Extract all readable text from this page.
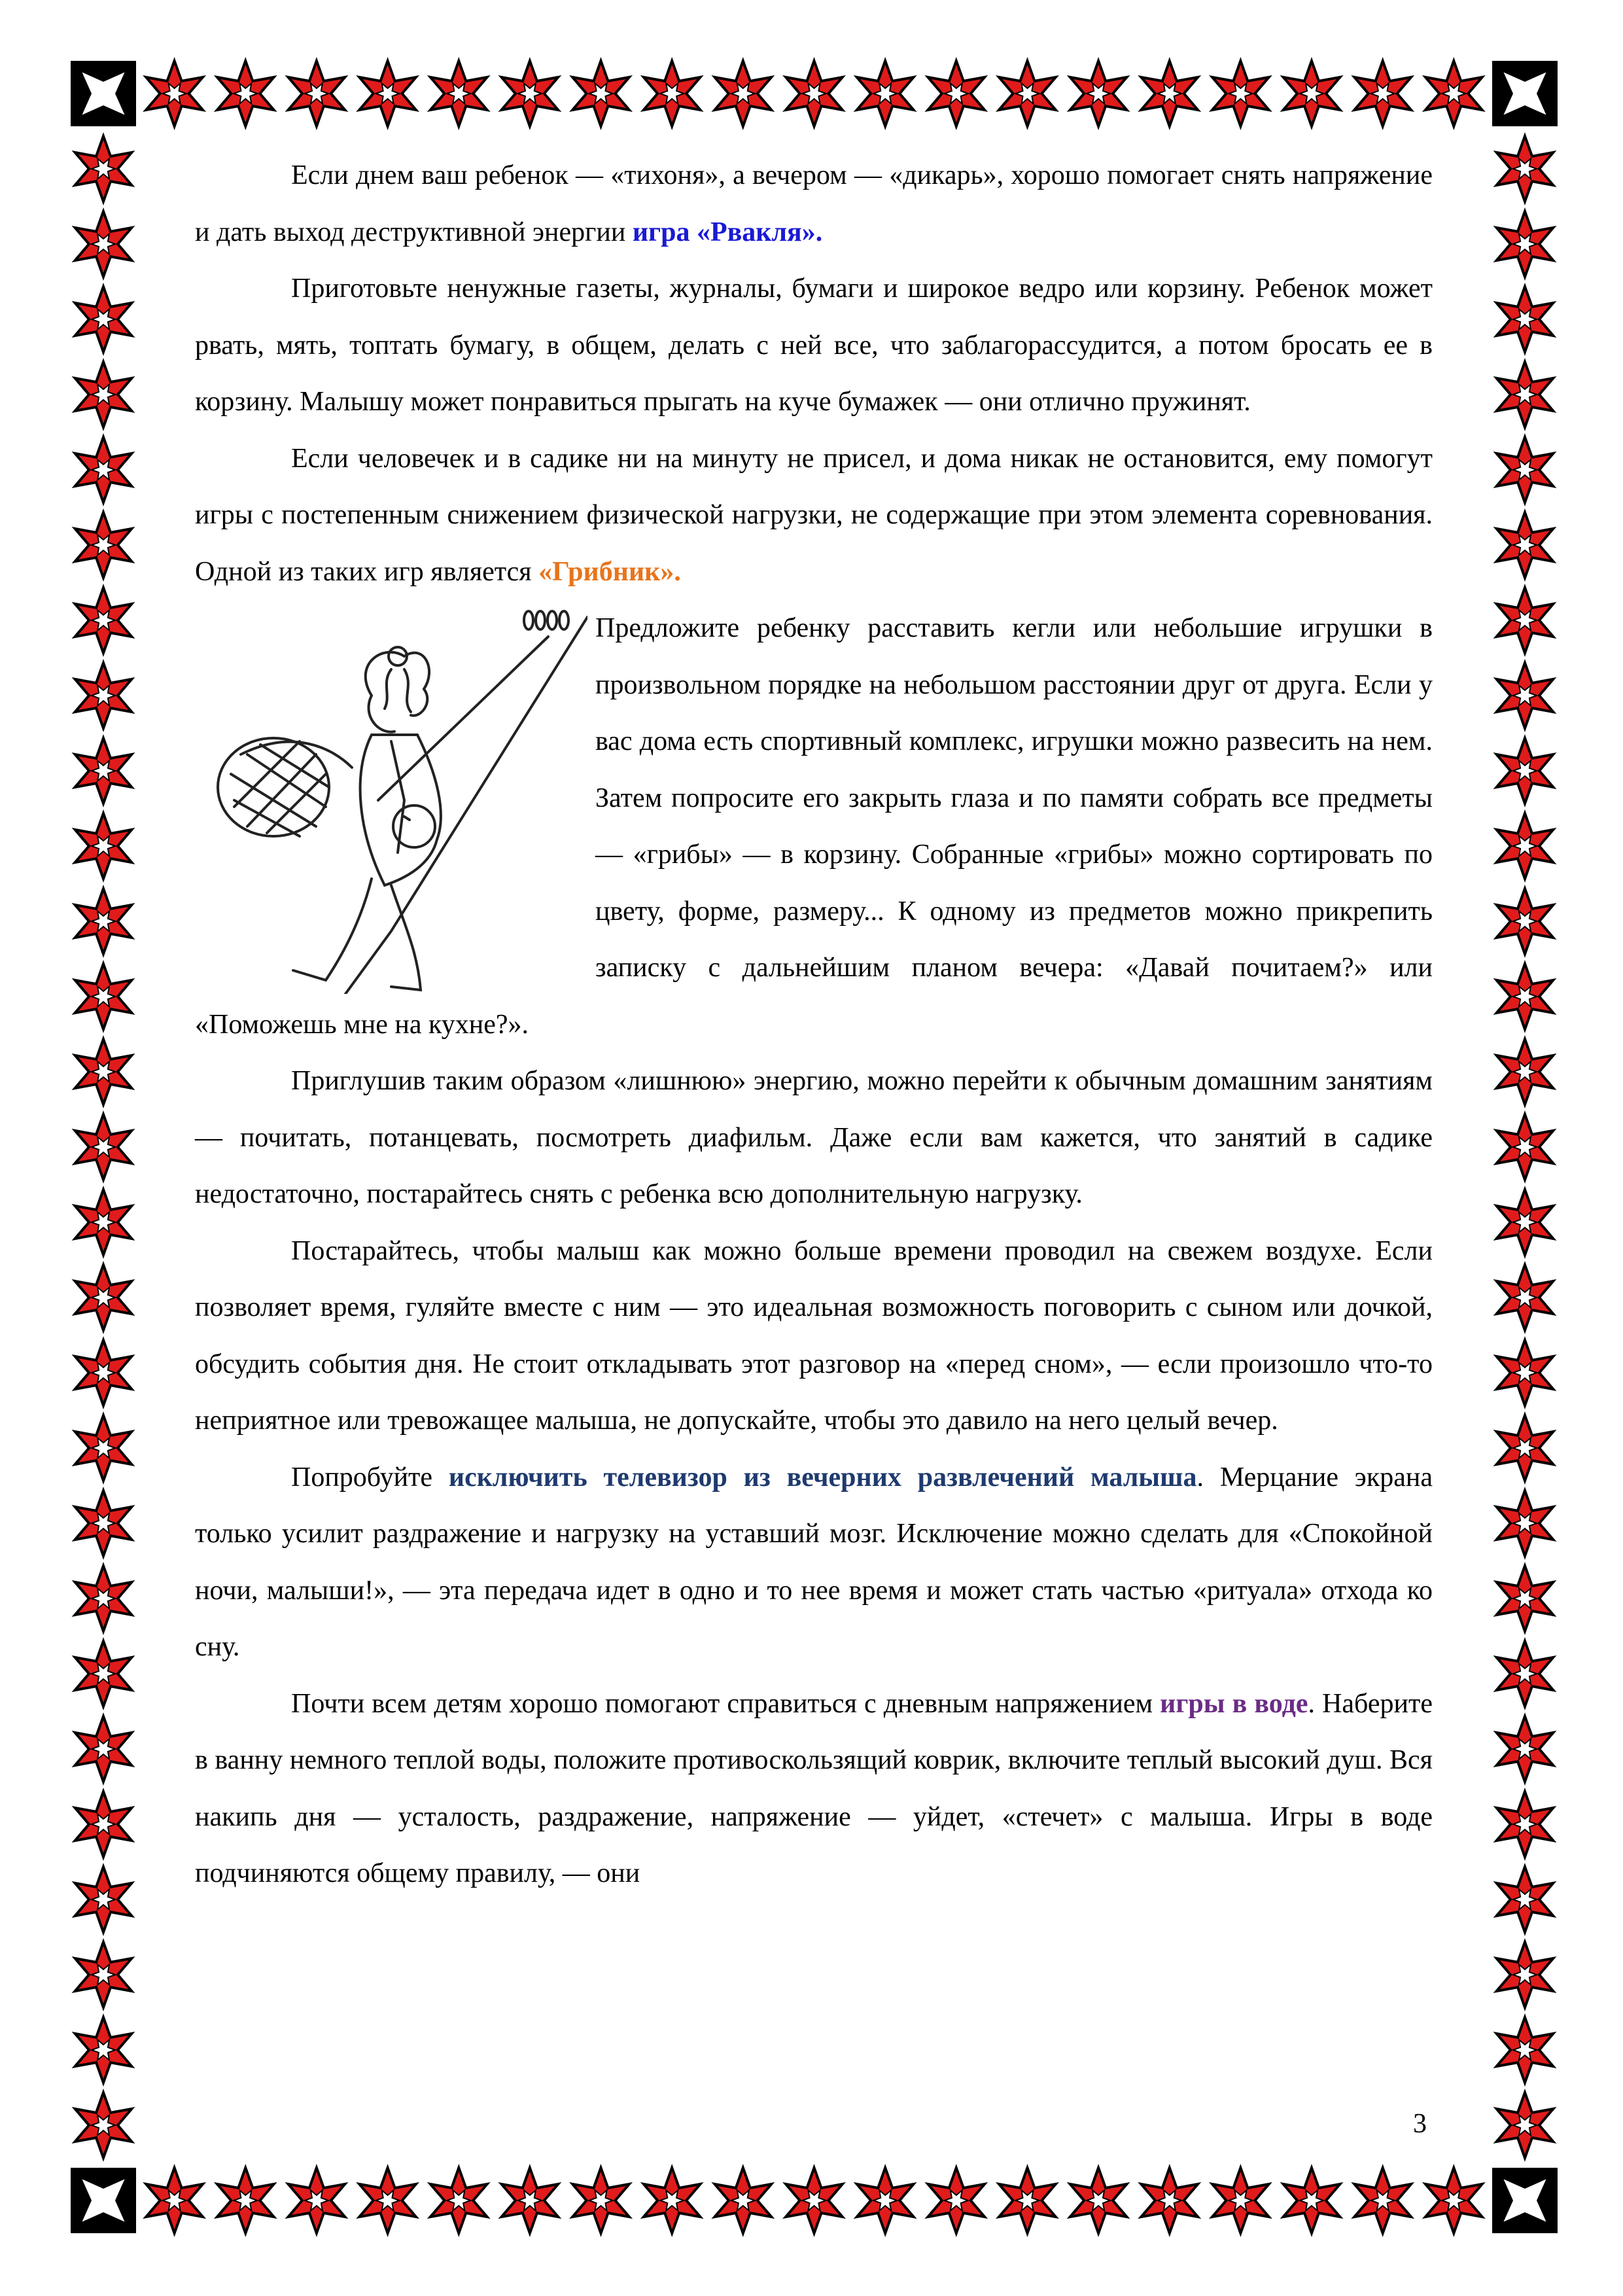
Если днем ваш ребенок — «тихоня», а вечером — «дикарь», хорошо помогает снять напряжение и дать выход деструктивной энергии игра «Рвакля».

Приготовьте ненужные газеты, журналы, бумаги и широкое ведро или корзину. Ребенок может рвать, мять, топтать бумагу, в общем, делать с ней все, что заблагорассудится, а потом бросать ее в корзину. Малышу может понравиться прыгать на куче бумажек — они отлично пружинят.

Если человечек и в садике ни на минуту не присел, и дома никак не остановится, ему помогут игры с постепенным снижением физической нагрузки, не содержащие при этом элемента соревнования. Одной из таких игр является «Грибник».

Предложите ребенку расставить кегли или небольшие игрушки в произвольном порядке на небольшом расстоянии друг от друга. Если у вас дома есть спортивный комплекс, игрушки можно развесить на нем. Затем попросите его закрыть глаза и по памяти собрать все предметы — «грибы» — в корзину. Собранные «грибы» можно сортировать по цвету, форме, размеру... К одному из предметов можно прикрепить записку с дальнейшим планом вечера: «Давай почитаем?» или «Поможешь мне на кухне?».

Приглушив таким образом «лишнюю» энергию, можно перейти к обычным домашним занятиям — почитать, потанцевать, посмотреть диафильм. Даже если вам кажется, что занятий в садике недостаточно, постарайтесь снять с ребенка всю дополнительную нагрузку.

Постарайтесь, чтобы малыш как можно больше времени проводил на свежем воздухе. Если позволяет время, гуляйте вместе с ним — это идеальная возможность поговорить с сыном или дочкой, обсудить события дня. Не стоит откладывать этот разговор на «перед сном», — если произошло что-то неприятное или тревожащее малыша, не допускайте, чтобы это давило на него целый вечер.

Попробуйте исключить телевизор из вечерних развлечений малыша. Мерцание экрана только усилит раздражение и нагрузку на уставший мозг. Исключение можно сделать для «Спокойной ночи, малыши!», — эта передача идет в одно и то нее время и может стать частью «ритуала» отхода ко сну.

Почти всем детям хорошо помогают справиться с дневным напряжением игры в воде. Наберите в ванну немного теплой воды, положите противоскользящий коврик, включите теплый высокий душ. Вся накипь дня — усталость, раздражение, напряжение — уйдет, «стечет» с малыша. Игры в воде подчиняются общему правилу, — они

3
